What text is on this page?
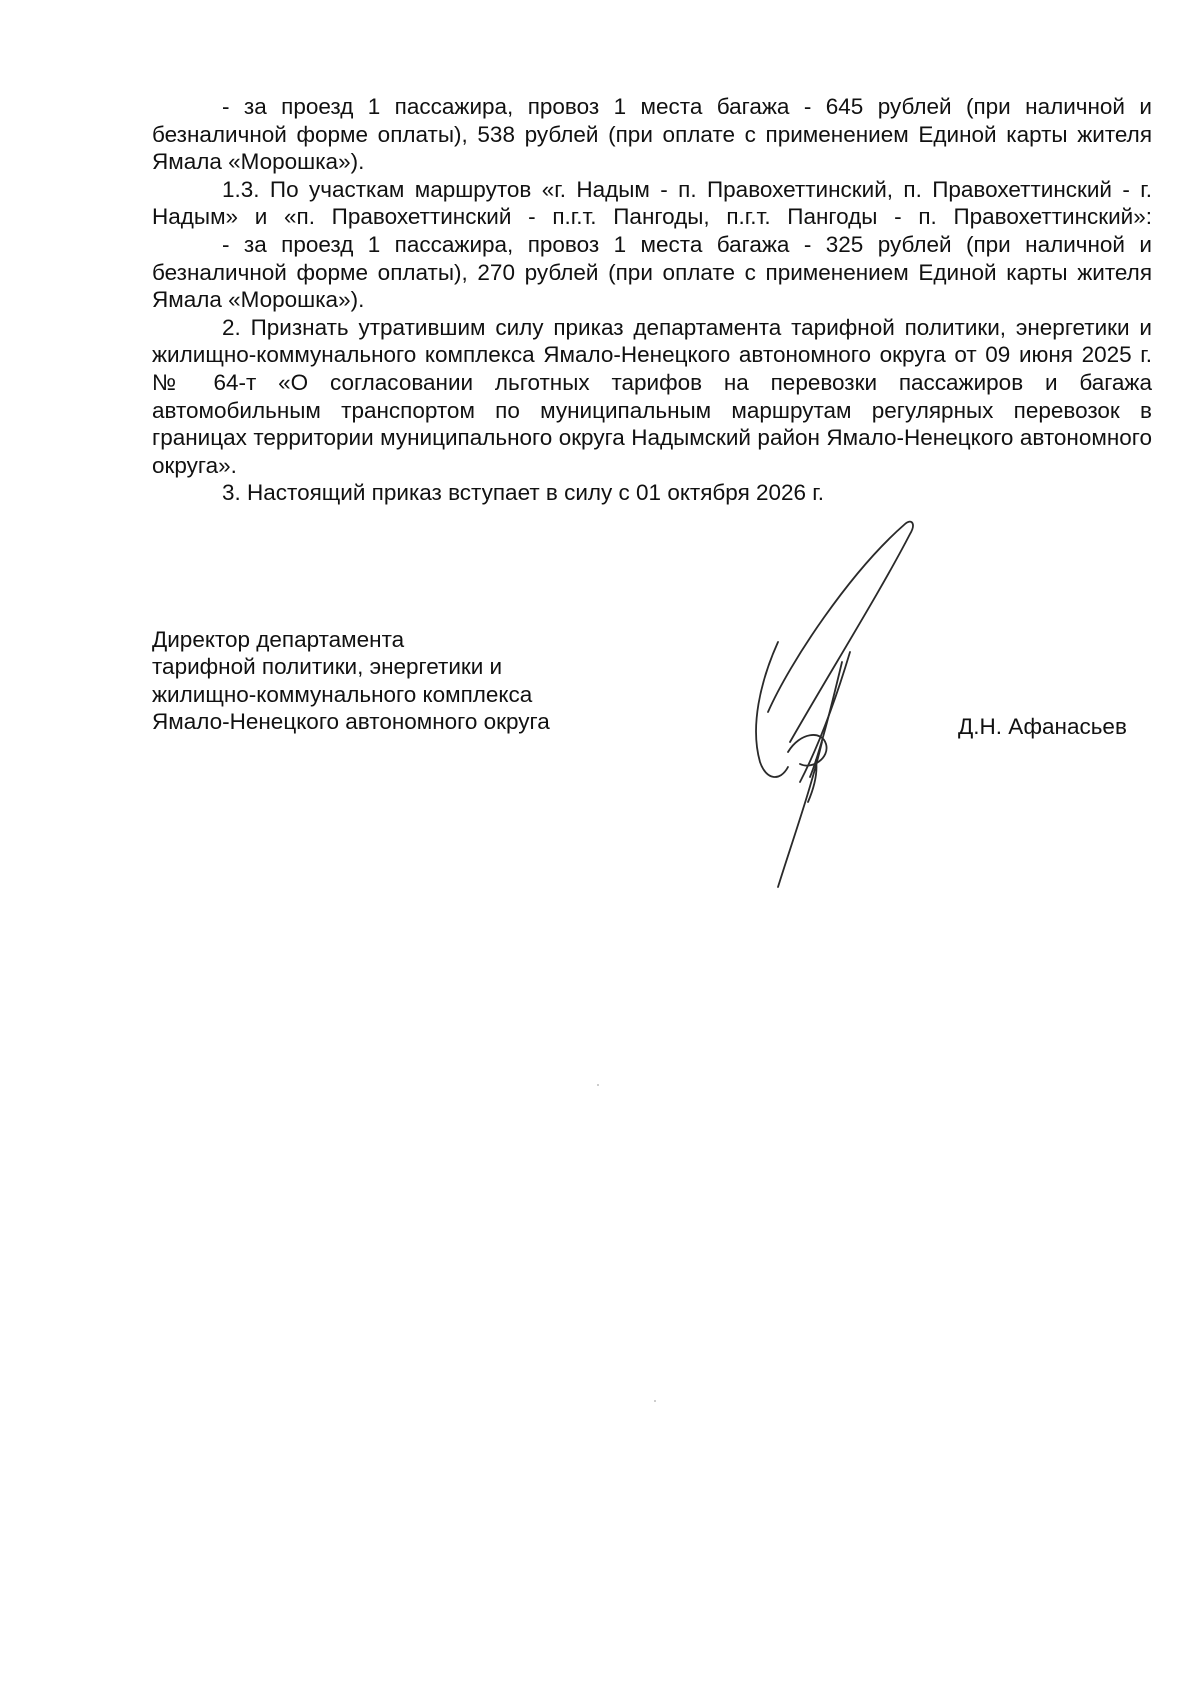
- за проезд 1 пассажира, провоз 1 места багажа - 645 рублей (при наличной и безналичной форме оплаты), 538 рублей (при оплате с применением Единой карты жителя Ямала «Морошка»).

1.3. По участкам маршрутов «г. Надым - п. Правохеттинский, п. Правохеттинский - г. Надым» и «п. Правохеттинский - п.г.т. Пангоды, п.г.т. Пангоды - п. Правохеттинский»:

- за проезд 1 пассажира, провоз 1 места багажа - 325 рублей (при наличной и безналичной форме оплаты), 270 рублей (при оплате с применением Единой карты жителя Ямала «Морошка»).

2. Признать утратившим силу приказ департамента тарифной политики, энергетики и жилищно-коммунального комплекса Ямало-Ненецкого автономного округа от 09 июня 2025 г. № 64-т «О согласовании льготных тарифов на перевозки пассажиров и багажа автомобильным транспортом по муниципальным маршрутам регулярных перевозок в границах территории муниципального округа Надымский район Ямало-Ненецкого автономного округа».

3. Настоящий приказ вступает в силу с 01 октября 2026 г.

Директор департамента
тарифной политики, энергетики и
жилищно-коммунального комплекса
Ямало-Ненецкого автономного округа	Д.Н. Афанасьев
